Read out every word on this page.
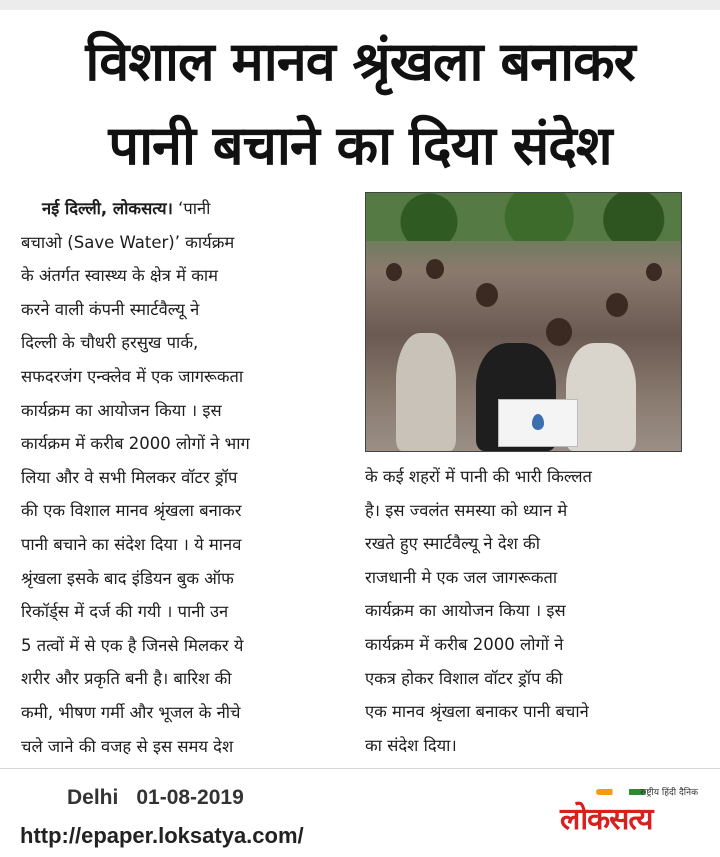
विशाल मानव श्रृंखला बनाकर
पानी बचाने का दिया संदेश
नई दिल्ली, लोकसत्य। ‘पानी
बचाओ (Save Water)’ कार्यक्रम
के अंतर्गत स्वास्थ्य के क्षेत्र में काम
करने वाली कंपनी स्मार्टवैल्यू ने
दिल्ली के चौधरी हरसुख पार्क,
सफदरजंग एन्क्लेव में एक जागरूकता
कार्यक्रम का आयोजन किया । इस
कार्यक्रम में करीब 2000 लोगों ने भाग
लिया और वे सभी मिलकर वॉटर ड्रॉप
की एक विशाल मानव श्रृंखला बनाकर
पानी बचाने का संदेश दिया । ये मानव
श्रृंखला इसके बाद इंडियन बुक ऑफ
रिकॉर्ड्स में दर्ज की गयी । पानी उन
5 तत्वों में से एक है जिनसे मिलकर ये
शरीर और प्रकृति बनी है। बारिश की
कमी, भीषण गर्मी और भूजल के नीचे
चले जाने की वजह से इस समय देश
के कई शहरों में पानी की भारी किल्लत
है। इस ज्वलंत समस्या को ध्यान मे
रखते हुए स्मार्टवैल्यू ने देश की
राजधानी मे एक जल जागरूकता
कार्यक्रम का आयोजन किया । इस
कार्यक्रम में करीब 2000 लोगों ने
एकत्र होकर विशाल वॉटर ड्रॉप की
एक मानव श्रृंखला बनाकर पानी बचाने
का संदेश दिया।
Delhi 01-08-2019
http://epaper.loksatya.com/
राष्ट्रीय हिंदी दैनिक
लोकसत्य
